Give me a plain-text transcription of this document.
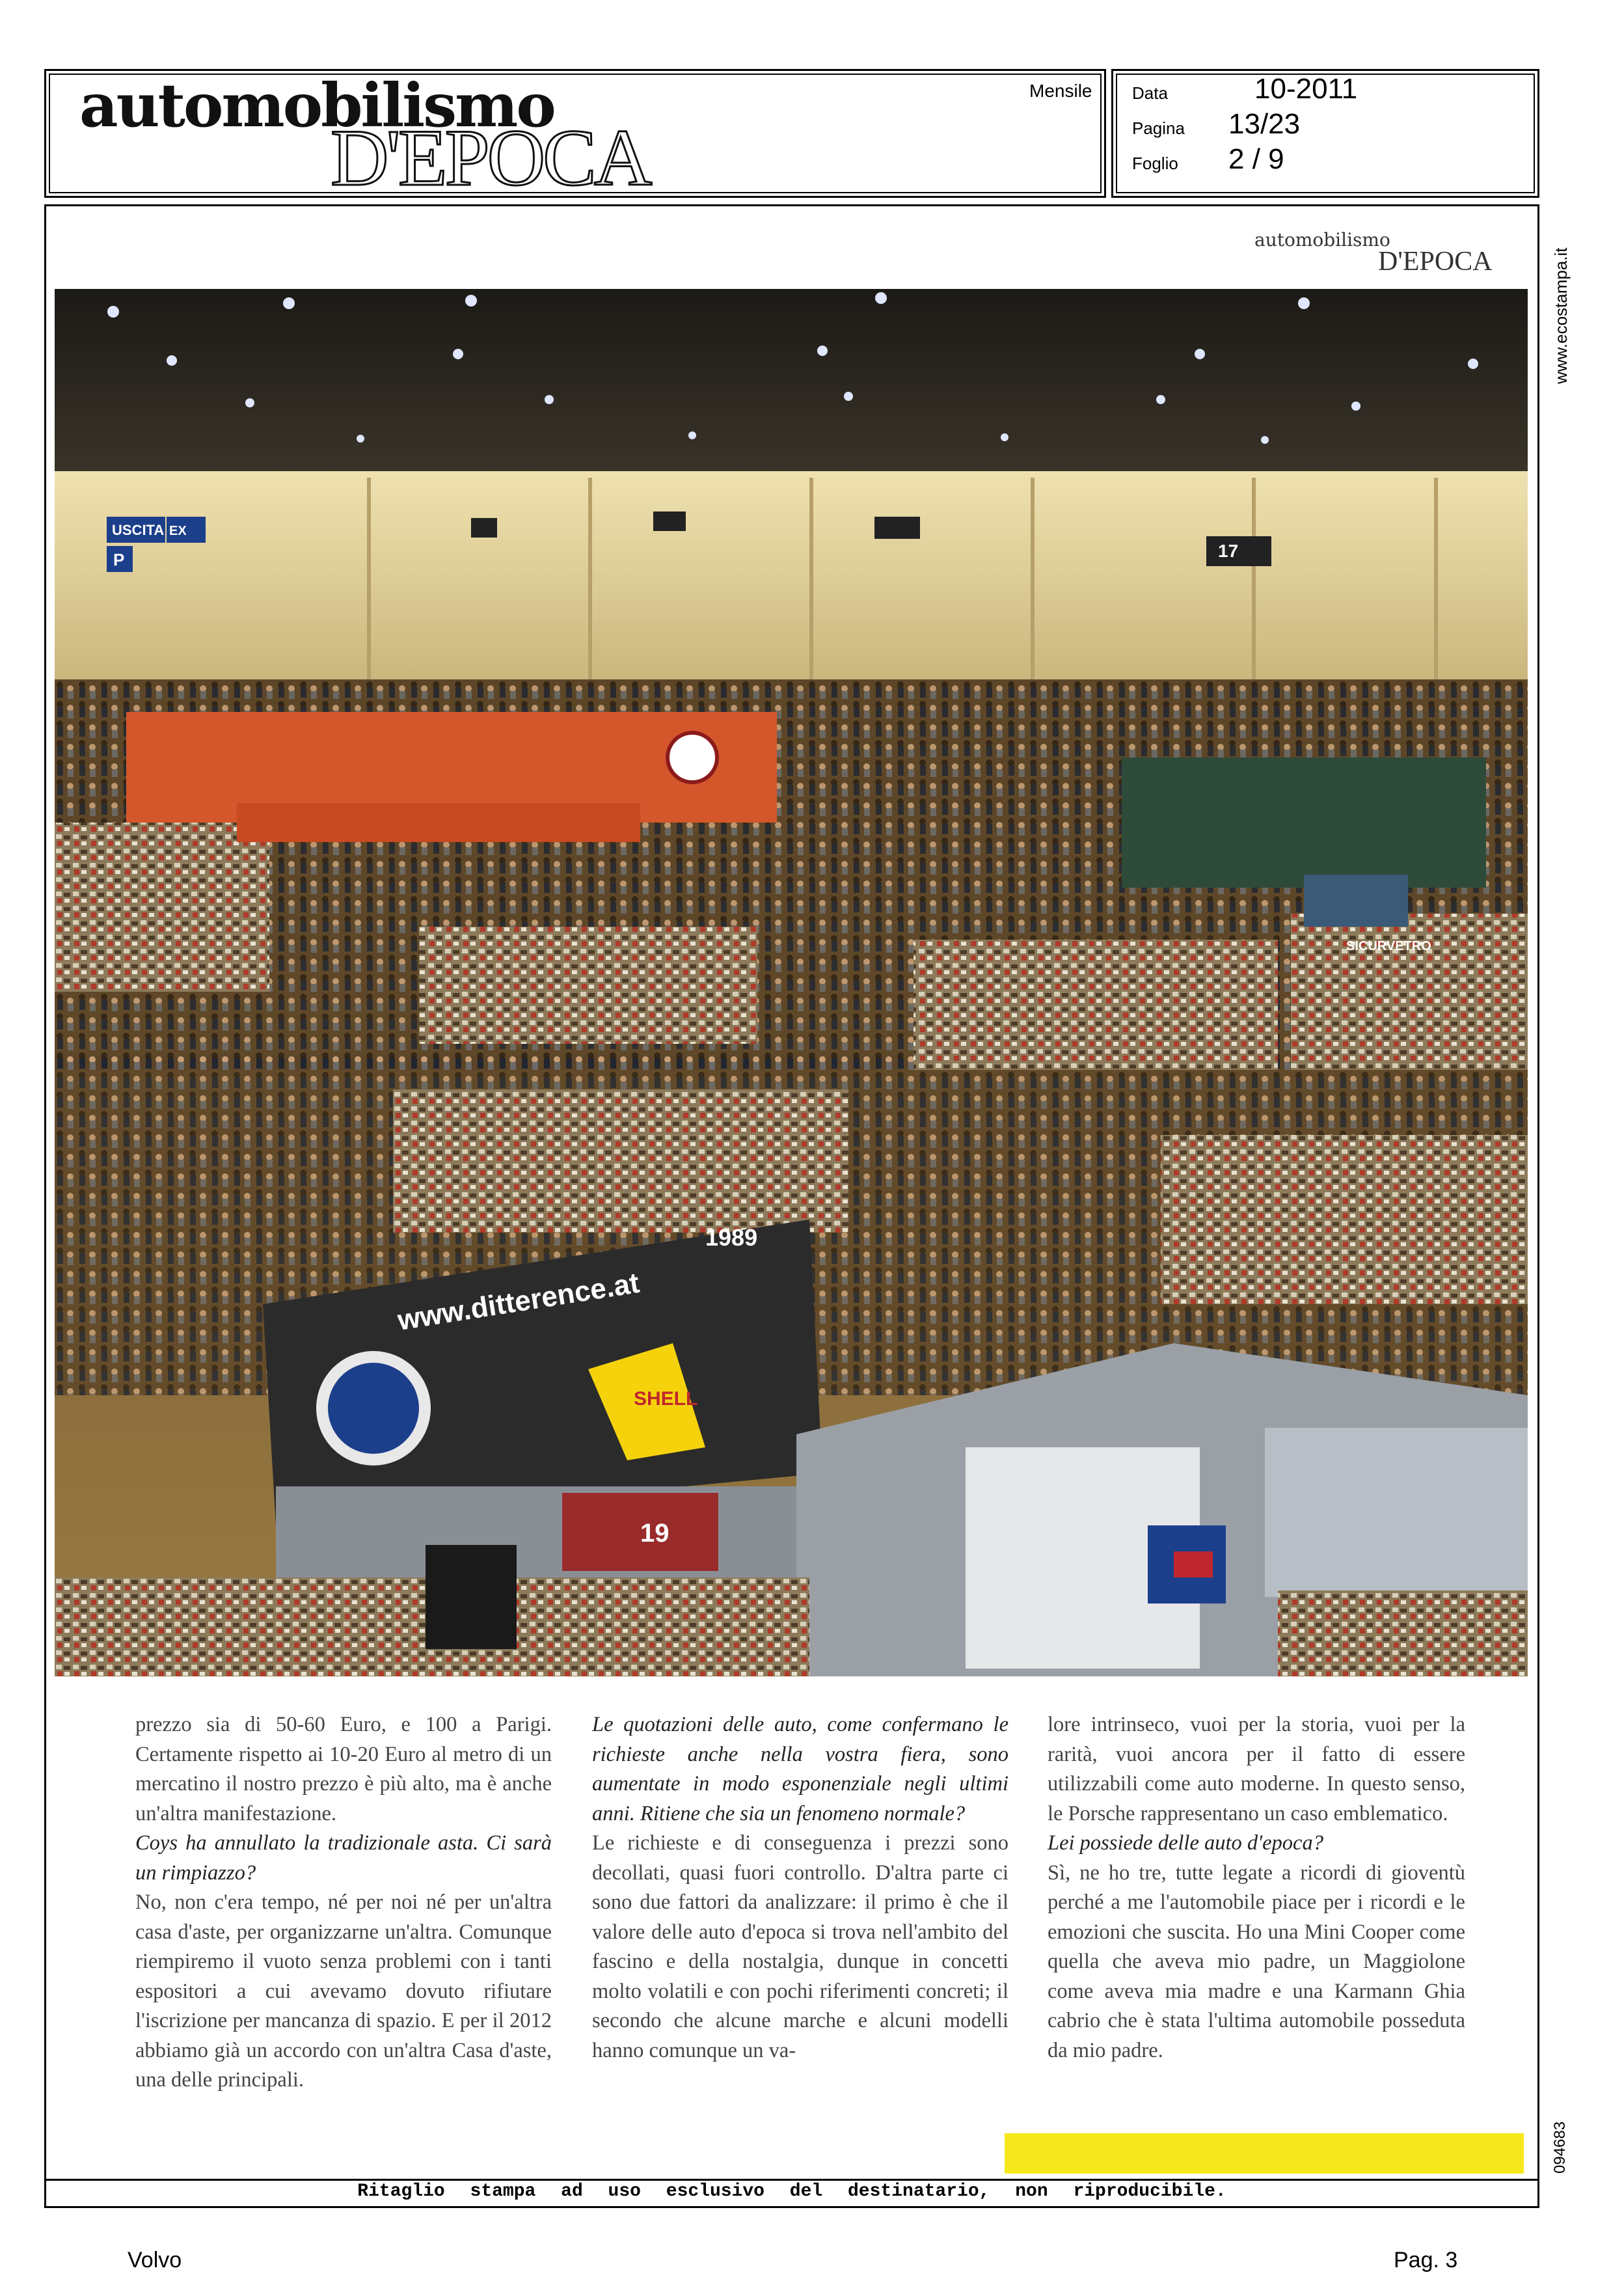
automobilismo
D'EPOCA
Mensile Data	10-2011
Pagina 13/23
Foglio 2 / 9
automobilismo
D'EPOCA	www.ecostampa.it
094683
USCITA EX
P	17
SICURVETRO
SHELL
www.ditterence.at
1989
19

prezzo sia di 50-60 Euro, e 100 a Parigi. Certamente rispetto ai 10-20 Euro al metro di un mercatino il nostro prezzo è più alto, ma è anche un'altra manifestazione.

Coys ha annullato la tradizionale asta. Ci sarà un rimpiazzo?

No, non c'era tempo, né per noi né per un'altra casa d'aste, per organizzarne un'altra. Comunque riempiremo il vuoto senza problemi con i tanti espositori a cui avevamo dovuto rifiutare l'iscrizione per mancanza di spazio. E per il 2012 abbiamo già un accordo con un'altra Casa d'aste, una delle principali.

Le quotazioni delle auto, come confermano le richieste anche nella vostra fiera, sono aumentate in modo esponenziale negli ultimi anni. Ritiene che sia un fenomeno normale?

Le richieste e di conseguenza i prezzi sono decollati, quasi fuori controllo. D'altra parte ci sono due fattori da analizzare: il primo è che il valore delle auto d'epoca si trova nell'ambito del fascino e della nostalgia, dunque in concetti molto volatili e con pochi riferimenti concreti; il secondo che alcune marche e alcuni modelli hanno comunque un va-

lore intrinseco, vuoi per la storia, vuoi per la rarità, vuoi ancora per il fatto di essere utilizzabili come auto moderne. In questo senso, le Porsche rappresentano un caso emblematico.

Lei possiede delle auto d'epoca?

Sì, ne ho tre, tutte legate a ricordi di gioventù perché a me l'automobile piace per i ricordi e le emozioni che suscita. Ho una Mini Cooper come quella che aveva mio padre, un Maggiolone come aveva mia madre e una Karmann Ghia cabrio che è stata l'ultima automobile posseduta da mio padre.

Ritaglio stampa ad uso esclusivo del destinatario, non riproducibile.
Volvo	Pag. 3
